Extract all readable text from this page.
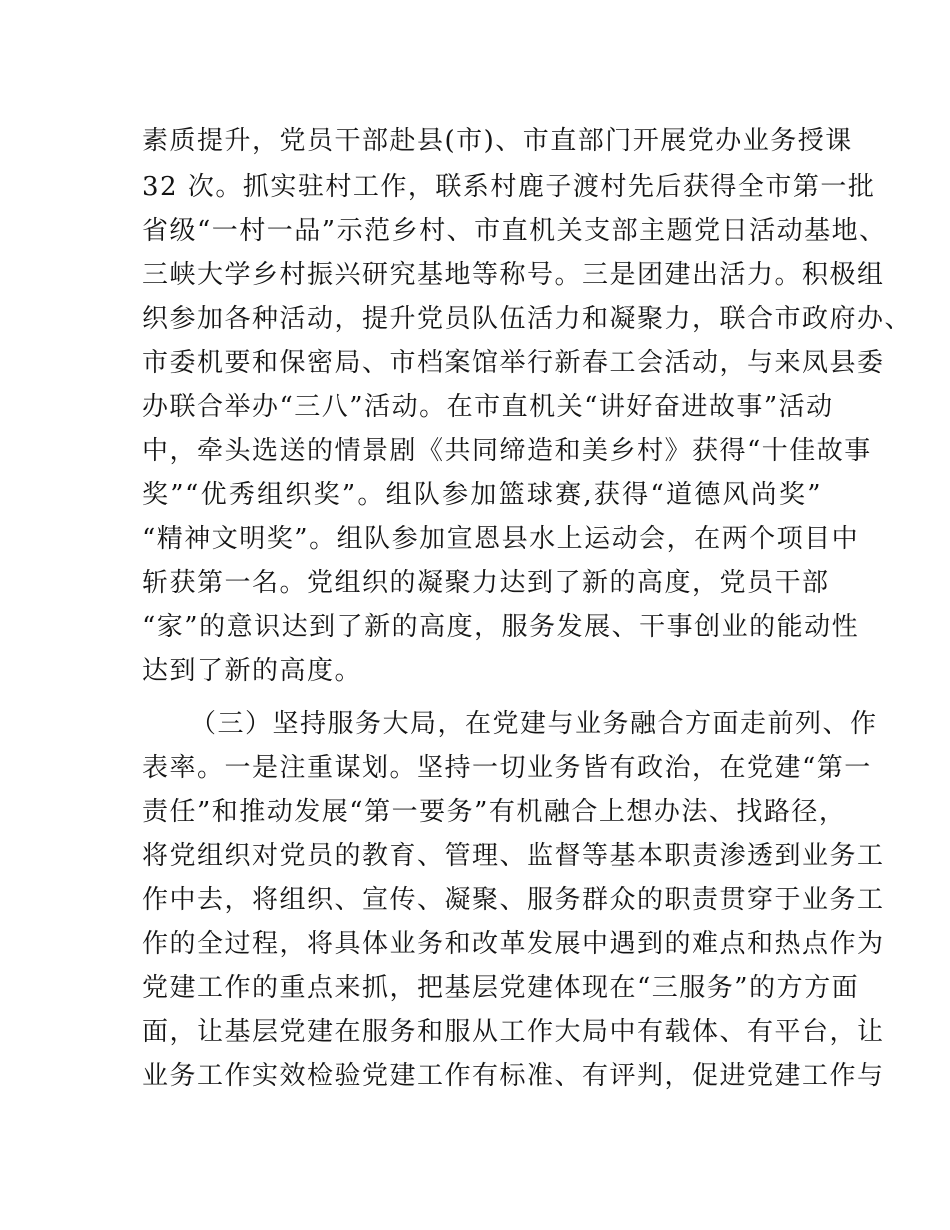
素质提升，党员干部赴县(市)、市直部门开展党办业务授课
32 次。抓实驻村工作，联系村鹿子渡村先后获得全市第一批
省级“一村一品”示范乡村、市直机关支部主题党日活动基地、
三峡大学乡村振兴研究基地等称号。三是团建出活力。积极组
织参加各种活动，提升党员队伍活力和凝聚力，联合市政府办、
市委机要和保密局、市档案馆举行新春工会活动，与来凤县委
办联合举办“三八”活动。在市直机关“讲好奋进故事”活动
中，牵头选送的情景剧《共同缔造和美乡村》获得“十佳故事
奖”“优秀组织奖”。组队参加篮球赛,获得“道德风尚奖”
“精神文明奖”。组队参加宣恩县水上运动会，在两个项目中
斩获第一名。党组织的凝聚力达到了新的高度，党员干部
“家”的意识达到了新的高度，服务发展、干事创业的能动性
达到了新的高度。
（三）坚持服务大局，在党建与业务融合方面走前列、作
表率。一是注重谋划。坚持一切业务皆有政治，在党建“第一
责任”和推动发展“第一要务”有机融合上想办法、找路径，
将党组织对党员的教育、管理、监督等基本职责渗透到业务工
作中去，将组织、宣传、凝聚、服务群众的职责贯穿于业务工
作的全过程，将具体业务和改革发展中遇到的难点和热点作为
党建工作的重点来抓，把基层党建体现在“三服务”的方方面
面，让基层党建在服务和服从工作大局中有载体、有平台，让
业务工作实效检验党建工作有标准、有评判，促进党建工作与
